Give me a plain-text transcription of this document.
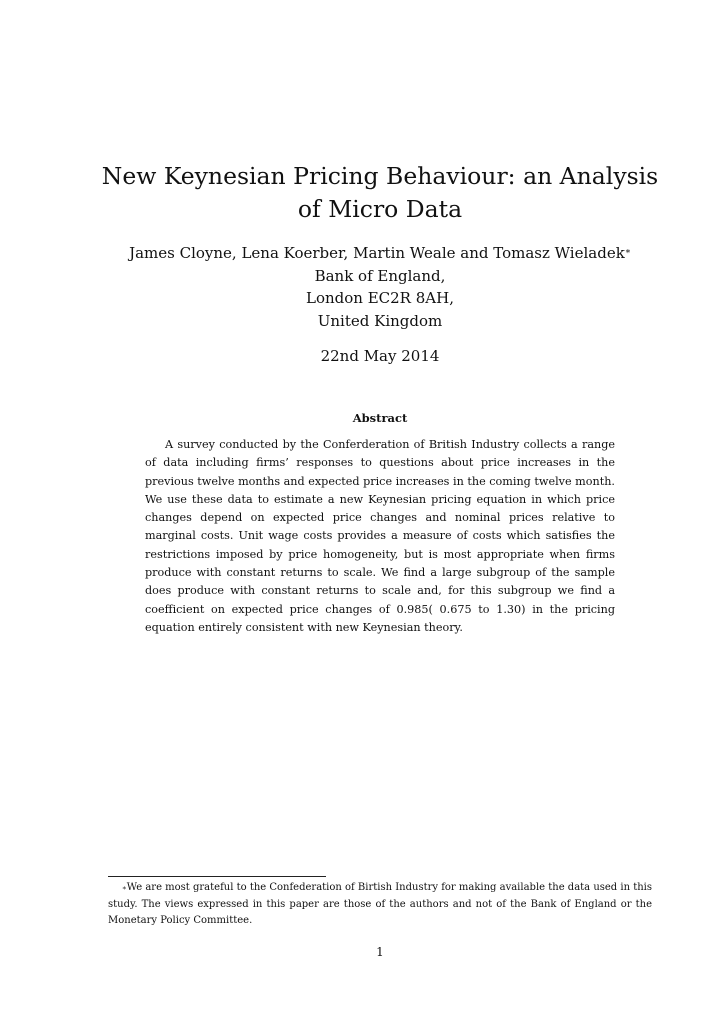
New Keynesian Pricing Behaviour: an Analysis of Micro Data
James Cloyne, Lena Koerber, Martin Weale and Tomasz Wieladek∗
Bank of England,
London EC2R 8AH,
United Kingdom
22nd May 2014
Abstract
A survey conducted by the Conferderation of British Industry collects a range of data including firms’ responses to questions about price increases in the previous twelve months and expected price increases in the coming twelve month. We use these data to estimate a new Keynesian pricing equation in which price changes depend on expected price changes and nominal prices relative to marginal costs. Unit wage costs provides a measure of costs which satisfies the restrictions imposed by price homogeneity, but is most appropriate when firms produce with constant returns to scale. We find a large subgroup of the sample does produce with constant returns to scale and, for this subgroup we find a coefficient on expected price changes of 0.985( 0.675 to 1.30) in the pricing equation entirely consistent with new Keynesian theory.
∗We are most grateful to the Confederation of Birtish Industry for making available the data used in this study. The views expressed in this paper are those of the authors and not of the Bank of England or the Monetary Policy Committee.
1
